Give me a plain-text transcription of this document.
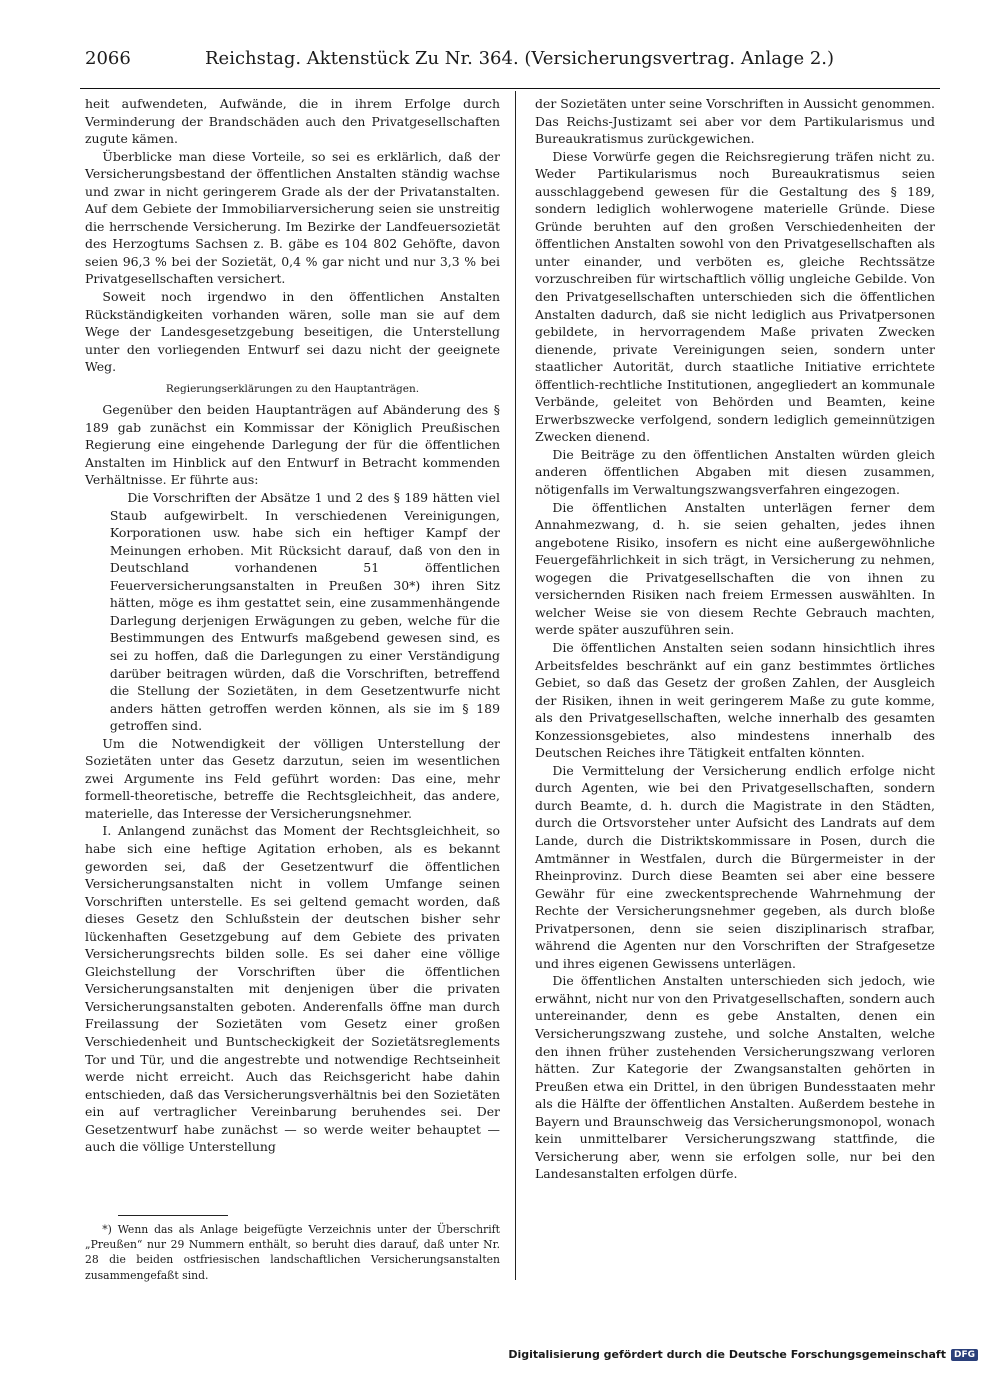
2066	Reichstag. Aktenstück Zu Nr. 364. (Versicherungsvertrag. Anlage 2.)

heit aufwendeten, Aufwände, die in ihrem Erfolge durch Verminderung der Brandschäden auch den Privatgesellschaften zugute kämen.

Überblicke man diese Vorteile, so sei es erklärlich, daß der Versicherungsbestand der öffentlichen Anstalten ständig wachse und zwar in nicht geringerem Grade als der der Privatanstalten. Auf dem Gebiete der Immobiliarversicherung seien sie unstreitig die herrschende Versicherung. Im Bezirke der Landfeuersozietät des Herzogtums Sachsen z. B. gäbe es 104 802 Gehöfte, davon seien 96,3 % bei der Sozietät, 0,4 % gar nicht und nur 3,3 % bei Privatgesellschaften versichert.

Soweit noch irgendwo in den öffentlichen Anstalten Rückständigkeiten vorhanden wären, solle man sie auf dem Wege der Landesgesetzgebung beseitigen, die Unterstellung unter den vorliegenden Entwurf sei dazu nicht der geeignete Weg.

Regierungserklärungen zu den Hauptanträgen.

Gegenüber den beiden Hauptanträgen auf Abänderung des § 189 gab zunächst ein Kommissar der Königlich Preußischen Regierung eine eingehende Darlegung der für die öffentlichen Anstalten im Hinblick auf den Entwurf in Betracht kommenden Verhältnisse. Er führte aus:

Die Vorschriften der Absätze 1 und 2 des § 189 hätten viel Staub aufgewirbelt. In verschiedenen Vereinigungen, Korporationen usw. habe sich ein heftiger Kampf der Meinungen erhoben. Mit Rücksicht darauf, daß von den in Deutschland vorhandenen 51 öffentlichen Feuerversicherungsanstalten in Preußen 30*) ihren Sitz hätten, möge es ihm gestattet sein, eine zusammenhängende Darlegung derjenigen Erwägungen zu geben, welche für die Bestimmungen des Entwurfs maßgebend gewesen sind, es sei zu hoffen, daß die Darlegungen zu einer Verständigung darüber beitragen würden, daß die Vorschriften, betreffend die Stellung der Sozietäten, in dem Gesetzentwurfe nicht anders hätten getroffen werden können, als sie im § 189 getroffen sind.

Um die Notwendigkeit der völligen Unterstellung der Sozietäten unter das Gesetz darzutun, seien im wesentlichen zwei Argumente ins Feld geführt worden: Das eine, mehr formell-theoretische, betreffe die Rechtsgleichheit, das andere, materielle, das Interesse der Versicherungsnehmer.

I. Anlangend zunächst das Moment der Rechtsgleichheit, so habe sich eine heftige Agitation erhoben, als es bekannt geworden sei, daß der Gesetzentwurf die öffentlichen Versicherungsanstalten nicht in vollem Umfange seinen Vorschriften unterstelle. Es sei geltend gemacht worden, daß dieses Gesetz den Schlußstein der deutschen bisher sehr lückenhaften Gesetzgebung auf dem Gebiete des privaten Versicherungsrechts bilden solle. Es sei daher eine völlige Gleichstellung der Vorschriften über die öffentlichen Versicherungsanstalten mit denjenigen über die privaten Versicherungsanstalten geboten. Anderenfalls öffne man durch Freilassung der Sozietäten vom Gesetz einer großen Verschiedenheit und Buntscheckigkeit der Sozietätsreglements Tor und Tür, und die angestrebte und notwendige Rechtseinheit werde nicht erreicht. Auch das Reichsgericht habe dahin entschieden, daß das Versicherungsverhältnis bei den Sozietäten ein auf vertraglicher Vereinbarung beruhendes sei. Der Gesetzentwurf habe zunächst — so werde weiter behauptet — auch die völlige Unterstellung

*) Wenn das als Anlage beigefügte Verzeichnis unter der Überschrift „Preußen“ nur 29 Nummern enthält, so beruht dies darauf, daß unter Nr. 28 die beiden ostfriesischen landschaftlichen Versicherungsanstalten zusammengefaßt sind.

der Sozietäten unter seine Vorschriften in Aussicht genommen. Das Reichs-Justizamt sei aber vor dem Partikularismus und Bureaukratismus zurückgewichen.

Diese Vorwürfe gegen die Reichsregierung träfen nicht zu. Weder Partikularismus noch Bureaukratismus seien ausschlaggebend gewesen für die Gestaltung des § 189, sondern lediglich wohlerwogene materielle Gründe. Diese Gründe beruhten auf den großen Verschiedenheiten der öffentlichen Anstalten sowohl von den Privatgesellschaften als unter einander, und verböten es, gleiche Rechtssätze vorzuschreiben für wirtschaftlich völlig ungleiche Gebilde. Von den Privatgesellschaften unterschieden sich die öffentlichen Anstalten dadurch, daß sie nicht lediglich aus Privatpersonen gebildete, in hervorragendem Maße privaten Zwecken dienende, private Vereinigungen seien, sondern unter staatlicher Autorität, durch staatliche Initiative errichtete öffentlich-rechtliche Institutionen, angegliedert an kommunale Verbände, geleitet von Behörden und Beamten, keine Erwerbszwecke verfolgend, sondern lediglich gemeinnützigen Zwecken dienend.

Die Beiträge zu den öffentlichen Anstalten würden gleich anderen öffentlichen Abgaben mit diesen zusammen, nötigenfalls im Verwaltungszwangsverfahren eingezogen.

Die öffentlichen Anstalten unterlägen ferner dem Annahmezwang, d. h. sie seien gehalten, jedes ihnen angebotene Risiko, insofern es nicht eine außergewöhnliche Feuergefährlichkeit in sich trägt, in Versicherung zu nehmen, wogegen die Privatgesellschaften die von ihnen zu versichernden Risiken nach freiem Ermessen auswählten. In welcher Weise sie von diesem Rechte Gebrauch machten, werde später auszuführen sein.

Die öffentlichen Anstalten seien sodann hinsichtlich ihres Arbeitsfeldes beschränkt auf ein ganz bestimmtes örtliches Gebiet, so daß das Gesetz der großen Zahlen, der Ausgleich der Risiken, ihnen in weit geringerem Maße zu gute komme, als den Privatgesellschaften, welche innerhalb des gesamten Konzessionsgebietes, also mindestens innerhalb des Deutschen Reiches ihre Tätigkeit entfalten könnten.

Die Vermittelung der Versicherung endlich erfolge nicht durch Agenten, wie bei den Privatgesellschaften, sondern durch Beamte, d. h. durch die Magistrate in den Städten, durch die Ortsvorsteher unter Aufsicht des Landrats auf dem Lande, durch die Distriktskommissare in Posen, durch die Amtmänner in Westfalen, durch die Bürgermeister in der Rheinprovinz. Durch diese Beamten sei aber eine bessere Gewähr für eine zweckentsprechende Wahrnehmung der Rechte der Versicherungsnehmer gegeben, als durch bloße Privatpersonen, denn sie seien disziplinarisch strafbar, während die Agenten nur den Vorschriften der Strafgesetze und ihres eigenen Gewissens unterlägen.

Die öffentlichen Anstalten unterschieden sich jedoch, wie erwähnt, nicht nur von den Privatgesellschaften, sondern auch untereinander, denn es gebe Anstalten, denen ein Versicherungszwang zustehe, und solche Anstalten, welche den ihnen früher zustehenden Versicherungszwang verloren hätten. Zur Kategorie der Zwangsanstalten gehörten in Preußen etwa ein Drittel, in den übrigen Bundesstaaten mehr als die Hälfte der öffentlichen Anstalten. Außerdem bestehe in Bayern und Braunschweig das Versicherungsmonopol, wonach kein unmittelbarer Versicherungszwang stattfinde, die Versicherung aber, wenn sie erfolgen solle, nur bei den Landesanstalten erfolgen dürfe.

Digitalisierung gefördert durch die Deutsche Forschungsgemeinschaft DFG
